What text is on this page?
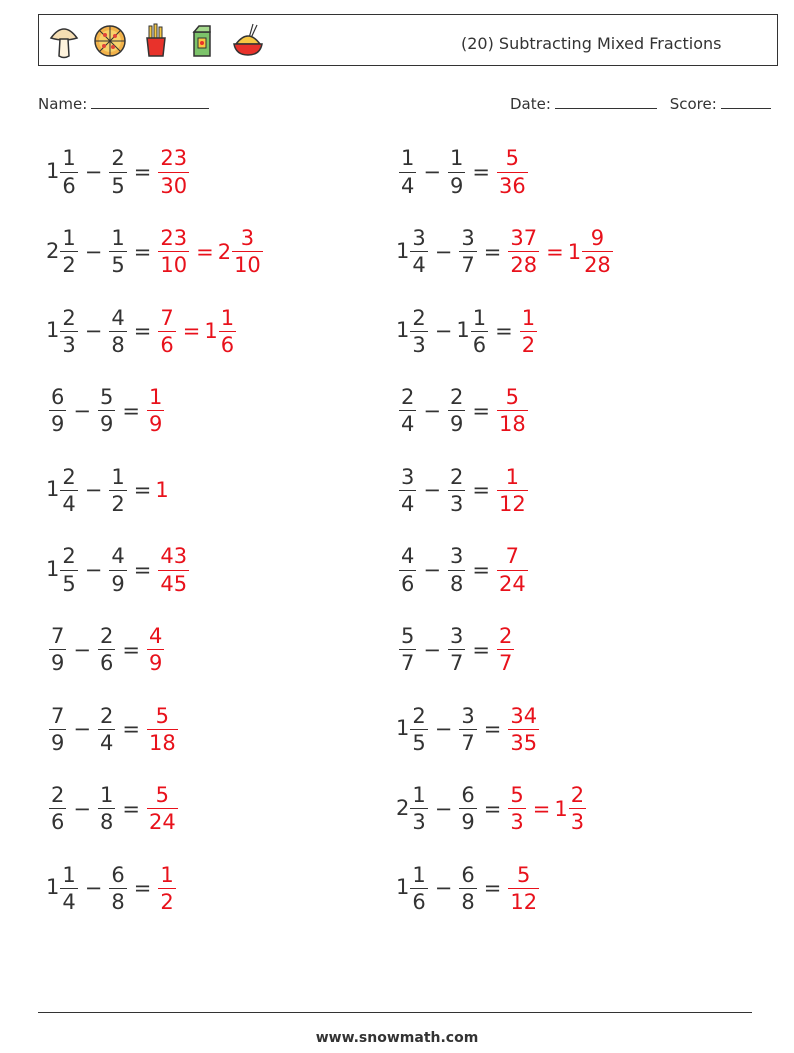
(20) Subtracting Mixed Fractions
Name:	Date:	Score:
$1 \frac{1}{6} - \frac{2}{5} = \frac{23}{30}$	$\frac{1}{4} - \frac{1}{9} = \frac{5}{36}$
$2 \frac{1}{2} - \frac{1}{5} = \frac{23}{10} = 2 \frac{3}{10}$	$1 \frac{3}{4} - \frac{3}{7} = \frac{37}{28} = 1 \frac{9}{28}$
$1 \frac{2}{3} - \frac{4}{8} = \frac{7}{6} = 1 \frac{1}{6}$	$1 \frac{2}{3} - 1 \frac{1}{6} = \frac{1}{2}$
$\frac{6}{9} - \frac{5}{9} = \frac{1}{9}$	$\frac{2}{4} - \frac{2}{9} = \frac{5}{18}$
$1 \frac{2}{4} - \frac{1}{2} = 1$	$\frac{3}{4} - \frac{2}{3} = \frac{1}{12}$
$1 \frac{2}{5} - \frac{4}{9} = \frac{43}{45}$	$\frac{4}{6} - \frac{3}{8} = \frac{7}{24}$
$\frac{7}{9} - \frac{2}{6} = \frac{4}{9}$	$\frac{5}{7} - \frac{3}{7} = \frac{2}{7}$
$\frac{7}{9} - \frac{2}{4} = \frac{5}{18}$	$1 \frac{2}{5} - \frac{3}{7} = \frac{34}{35}$
$\frac{2}{6} - \frac{1}{8} = \frac{5}{24}$	$2 \frac{1}{3} - \frac{6}{9} = \frac{5}{3} = 1 \frac{2}{3}$
$1 \frac{1}{4} - \frac{6}{8} = \frac{1}{2}$	$1 \frac{1}{6} - \frac{6}{8} = \frac{5}{12}$
www.snowmath.com
